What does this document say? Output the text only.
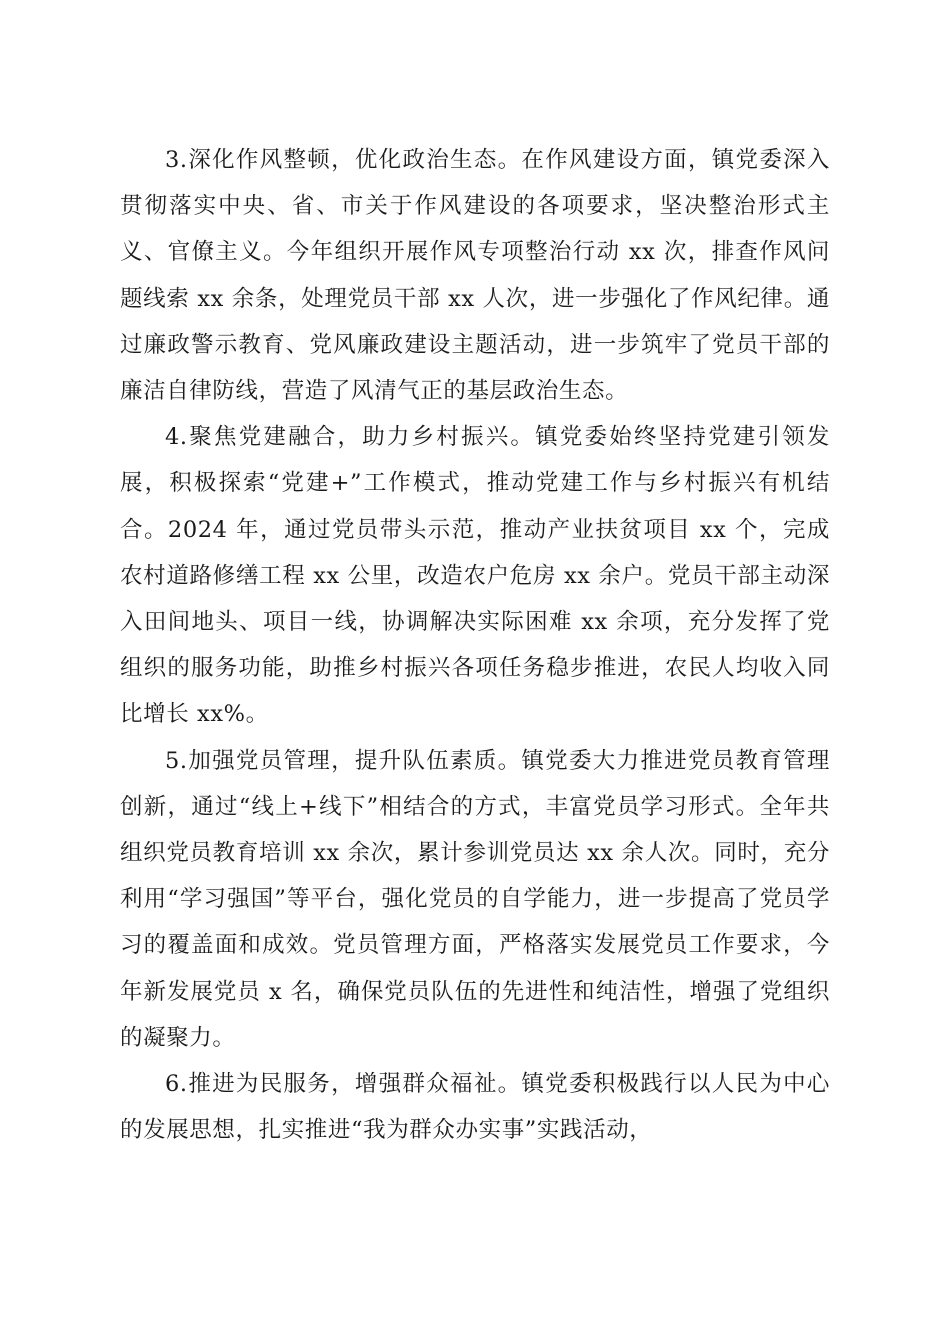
3.深化作风整顿，优化政治生态。在作风建设方面，镇党委深入贯彻落实中央、省、市关于作风建设的各项要求，坚决整治形式主义、官僚主义。今年组织开展作风专项整治行动 xx 次，排查作风问题线索 xx 余条，处理党员干部 xx 人次，进一步强化了作风纪律。通过廉政警示教育、党风廉政建设主题活动，进一步筑牢了党员干部的廉洁自律防线，营造了风清气正的基层政治生态。

4.聚焦党建融合，助力乡村振兴。镇党委始终坚持党建引领发展，积极探索“党建+”工作模式，推动党建工作与乡村振兴有机结合。2024 年，通过党员带头示范，推动产业扶贫项目 xx 个，完成农村道路修缮工程 xx 公里，改造农户危房 xx 余户。党员干部主动深入田间地头、项目一线，协调解决实际困难 xx 余项，充分发挥了党组织的服务功能，助推乡村振兴各项任务稳步推进，农民人均收入同比增长 xx%。

5.加强党员管理，提升队伍素质。镇党委大力推进党员教育管理创新，通过“线上+线下”相结合的方式，丰富党员学习形式。全年共组织党员教育培训 xx 余次，累计参训党员达 xx 余人次。同时，充分利用“学习强国”等平台，强化党员的自学能力，进一步提高了党员学习的覆盖面和成效。党员管理方面，严格落实发展党员工作要求，今年新发展党员 x 名，确保党员队伍的先进性和纯洁性，增强了党组织的凝聚力。

6.推进为民服务，增强群众福祉。镇党委积极践行以人民为中心的发展思想，扎实推进“我为群众办实事”实践活动，
